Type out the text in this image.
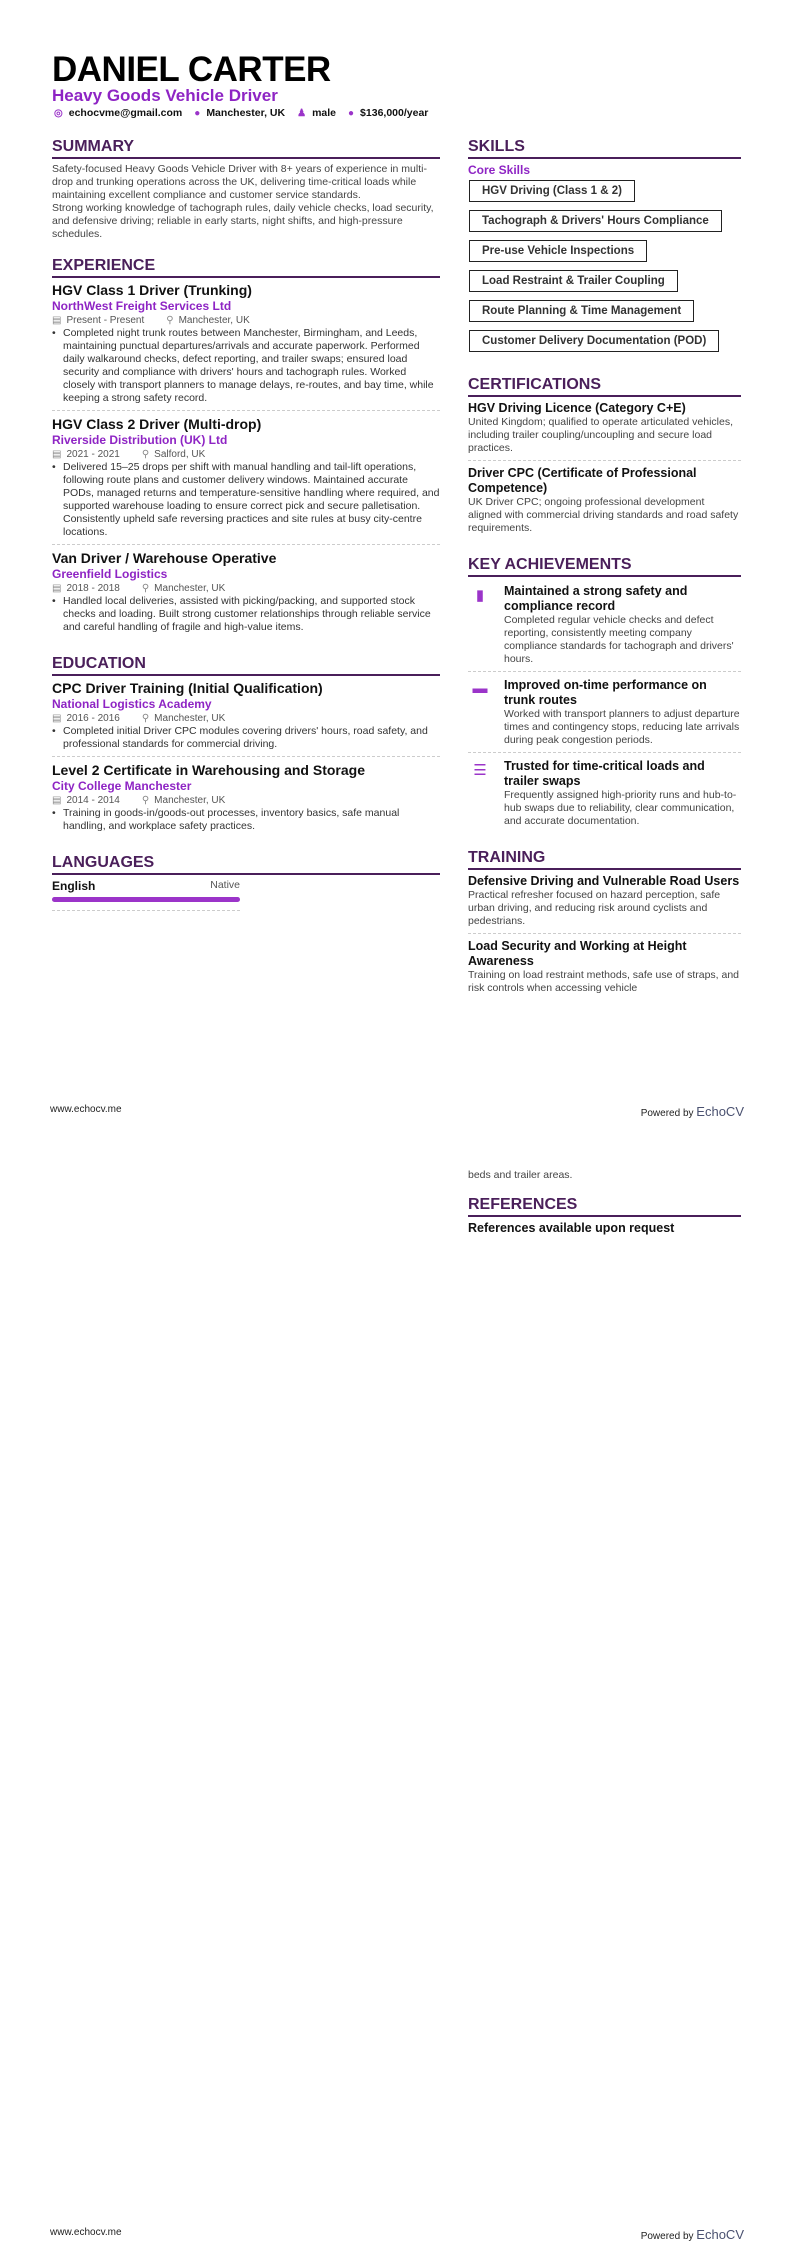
DANIEL CARTER
Heavy Goods Vehicle Driver
◎ echocvme@gmail.com ● Manchester, UK ♟ male ● $136,000/year
SUMMARY

Safety-focused Heavy Goods Vehicle Driver with 8+ years of experience in multi-drop and trunking operations across the UK, delivering time-critical loads while maintaining excellent compliance and customer service standards.

Strong working knowledge of tachograph rules, daily vehicle checks, load security, and defensive driving; reliable in early starts, night shifts, and high-pressure schedules.

EXPERIENCE
HGV Class 1 Driver (Trunking)
NorthWest Freight Services Ltd
▤ Present - Present ⚲ Manchester, UK
• Completed night trunk routes between Manchester, Birmingham, and Leeds, maintaining punctual departures/arrivals and accurate paperwork. Performed daily walkaround checks, defect reporting, and trailer swaps; ensured load security and compliance with drivers' hours and tachograph rules. Worked closely with transport planners to manage delays, re-routes, and bay time, while keeping a strong safety record.
HGV Class 2 Driver (Multi-drop)
Riverside Distribution (UK) Ltd
▤ 2021 - 2021 ⚲ Salford, UK
• Delivered 15–25 drops per shift with manual handling and tail-lift operations, following route plans and customer delivery windows. Maintained accurate PODs, managed returns and temperature-sensitive handling where required, and supported warehouse loading to ensure correct pick and secure palletisation. Consistently upheld safe reversing practices and site rules at busy city-centre locations.
Van Driver / Warehouse Operative
Greenfield Logistics
▤ 2018 - 2018 ⚲ Manchester, UK
• Handled local deliveries, assisted with picking/packing, and supported stock checks and loading. Built strong customer relationships through reliable service and careful handling of fragile and high-value items.
EDUCATION
CPC Driver Training (Initial Qualification)
National Logistics Academy
▤ 2016 - 2016 ⚲ Manchester, UK
• Completed initial Driver CPC modules covering drivers' hours, road safety, and professional standards for commercial driving.
Level 2 Certificate in Warehousing and Storage
City College Manchester
▤ 2014 - 2014 ⚲ Manchester, UK
• Training in goods-in/goods-out processes, inventory basics, safe manual handling, and workplace safety practices.
LANGUAGES
English	Native
SKILLS
Core Skills
HGV Driving (Class 1 & 2)
Tachograph & Drivers' Hours Compliance
Pre-use Vehicle Inspections
Load Restraint & Trailer Coupling
Route Planning & Time Management
Customer Delivery Documentation (POD)
CERTIFICATIONS
HGV Driving Licence (Category C+E)
United Kingdom; qualified to operate articulated vehicles, including trailer coupling/uncoupling and secure load practices.
Driver CPC (Certificate of Professional Competence)
UK Driver CPC; ongoing professional development aligned with commercial driving standards and road safety requirements.
KEY ACHIEVEMENTS
▮	Maintained a strong safety and compliance record
Completed regular vehicle checks and defect reporting, consistently meeting company compliance standards for tachograph and drivers' hours.
▬	Improved on-time performance on trunk routes
Worked with transport planners to adjust departure times and contingency stops, reducing late arrivals during peak congestion periods.
☰	Trusted for time-critical loads and trailer swaps
Frequently assigned high-priority runs and hub-to-hub swaps due to reliability, clear communication, and accurate documentation.
TRAINING
Defensive Driving and Vulnerable Road Users
Practical refresher focused on hazard perception, safe urban driving, and reducing risk around cyclists and pedestrians.
Load Security and Working at Height Awareness
Training on load restraint methods, safe use of straps, and risk controls when accessing vehicle
www.echocv.me	Powered by EchoCV
beds and trailer areas.
REFERENCES
References available upon request
www.echocv.me	Powered by EchoCV
